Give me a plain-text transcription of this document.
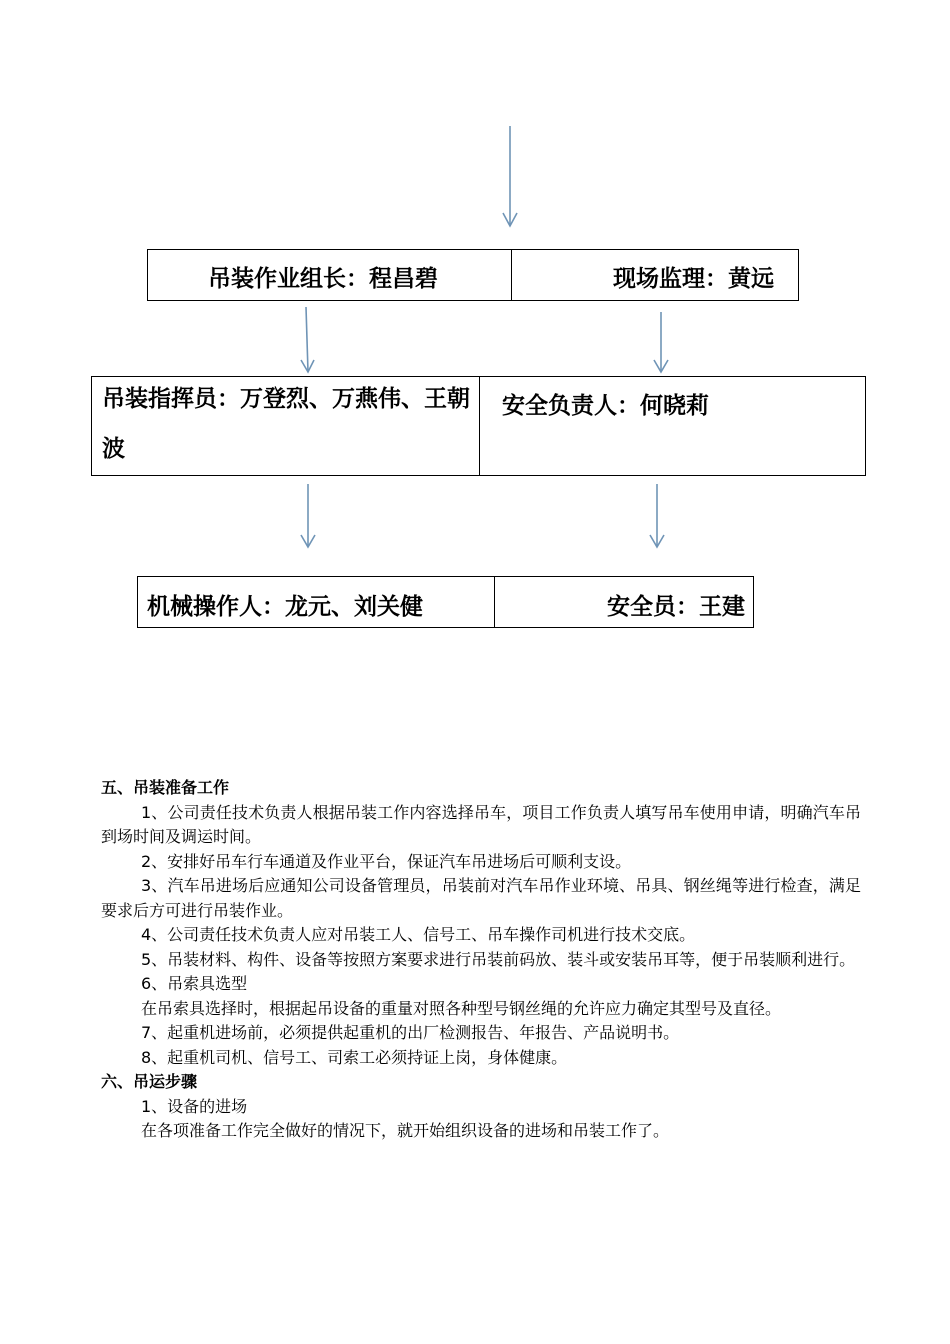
吊装作业组长：程昌碧	现场监理：黄远
吊装指挥员：万登烈、万燕伟、王朝波
安全负责人：何晓莉
机械操作人：龙元、刘关健	安全员：王建
五、吊装准备工作
1、公司责任技术负责人根据吊装工作内容选择吊车，项目工作负责人填写吊车使用申请，明确汽车吊到场时间及调运时间。
2、安排好吊车行车通道及作业平台，保证汽车吊进场后可顺利支设。
3、汽车吊进场后应通知公司设备管理员，吊装前对汽车吊作业环境、吊具、钢丝绳等进行检查，满足要求后方可进行吊装作业。
4、公司责任技术负责人应对吊装工人、信号工、吊车操作司机进行技术交底。
5、吊装材料、构件、设备等按照方案要求进行吊装前码放、装斗或安装吊耳等，便于吊装顺利进行。
6、吊索具选型
在吊索具选择时，根据起吊设备的重量对照各种型号钢丝绳的允许应力确定其型号及直径。
7、起重机进场前，必须提供起重机的出厂检测报告、年报告、产品说明书。
8、起重机司机、信号工、司索工必须持证上岗，身体健康。
六、吊运步骤
1、设备的进场
在各项准备工作完全做好的情况下，就开始组织设备的进场和吊装工作了。
